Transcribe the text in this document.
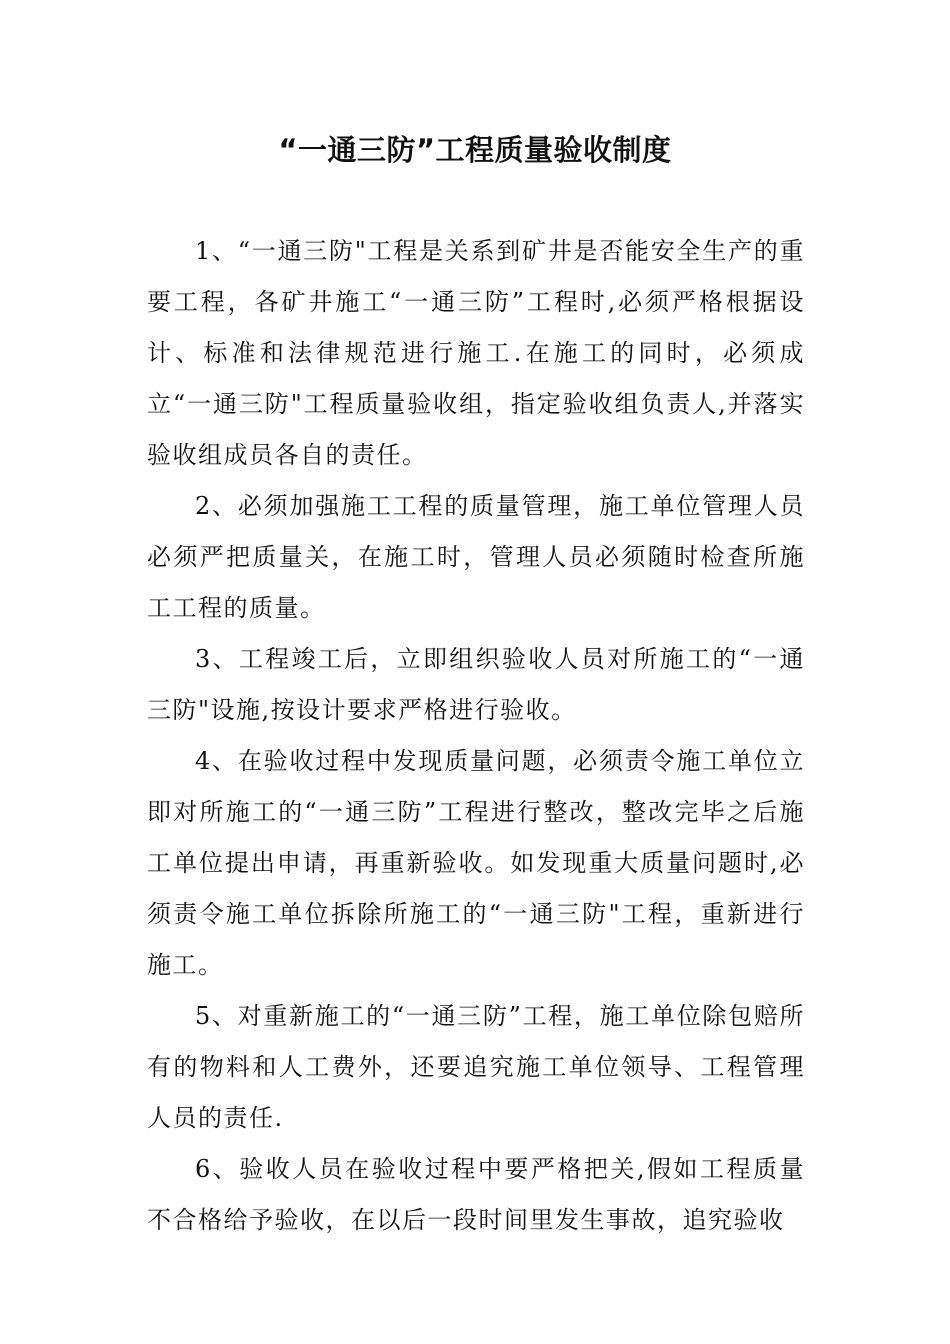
“一通三防”工程质量验收制度

1、“一通三防"工程是关系到矿井是否能安全生产的重要工程，各矿井施工“一通三防”工程时,必须严格根据设计、标准和法律规范进行施工.在施工的同时，必须成立“一通三防"工程质量验收组，指定验收组负责人,并落实验收组成员各自的责任。

2、必须加强施工工程的质量管理，施工单位管理人员必须严把质量关，在施工时，管理人员必须随时检查所施工工程的质量。

3、工程竣工后，立即组织验收人员对所施工的“一通三防"设施,按设计要求严格进行验收。

4、在验收过程中发现质量问题，必须责令施工单位立即对所施工的“一通三防”工程进行整改，整改完毕之后施工单位提出申请，再重新验收。如发现重大质量问题时,必须责令施工单位拆除所施工的“一通三防"工程，重新进行施工。

5、对重新施工的“一通三防”工程，施工单位除包赔所有的物料和人工费外，还要追究施工单位领导、工程管理人员的责任.

6、验收人员在验收过程中要严格把关,假如工程质量不合格给予验收，在以后一段时间里发生事故，追究验收
